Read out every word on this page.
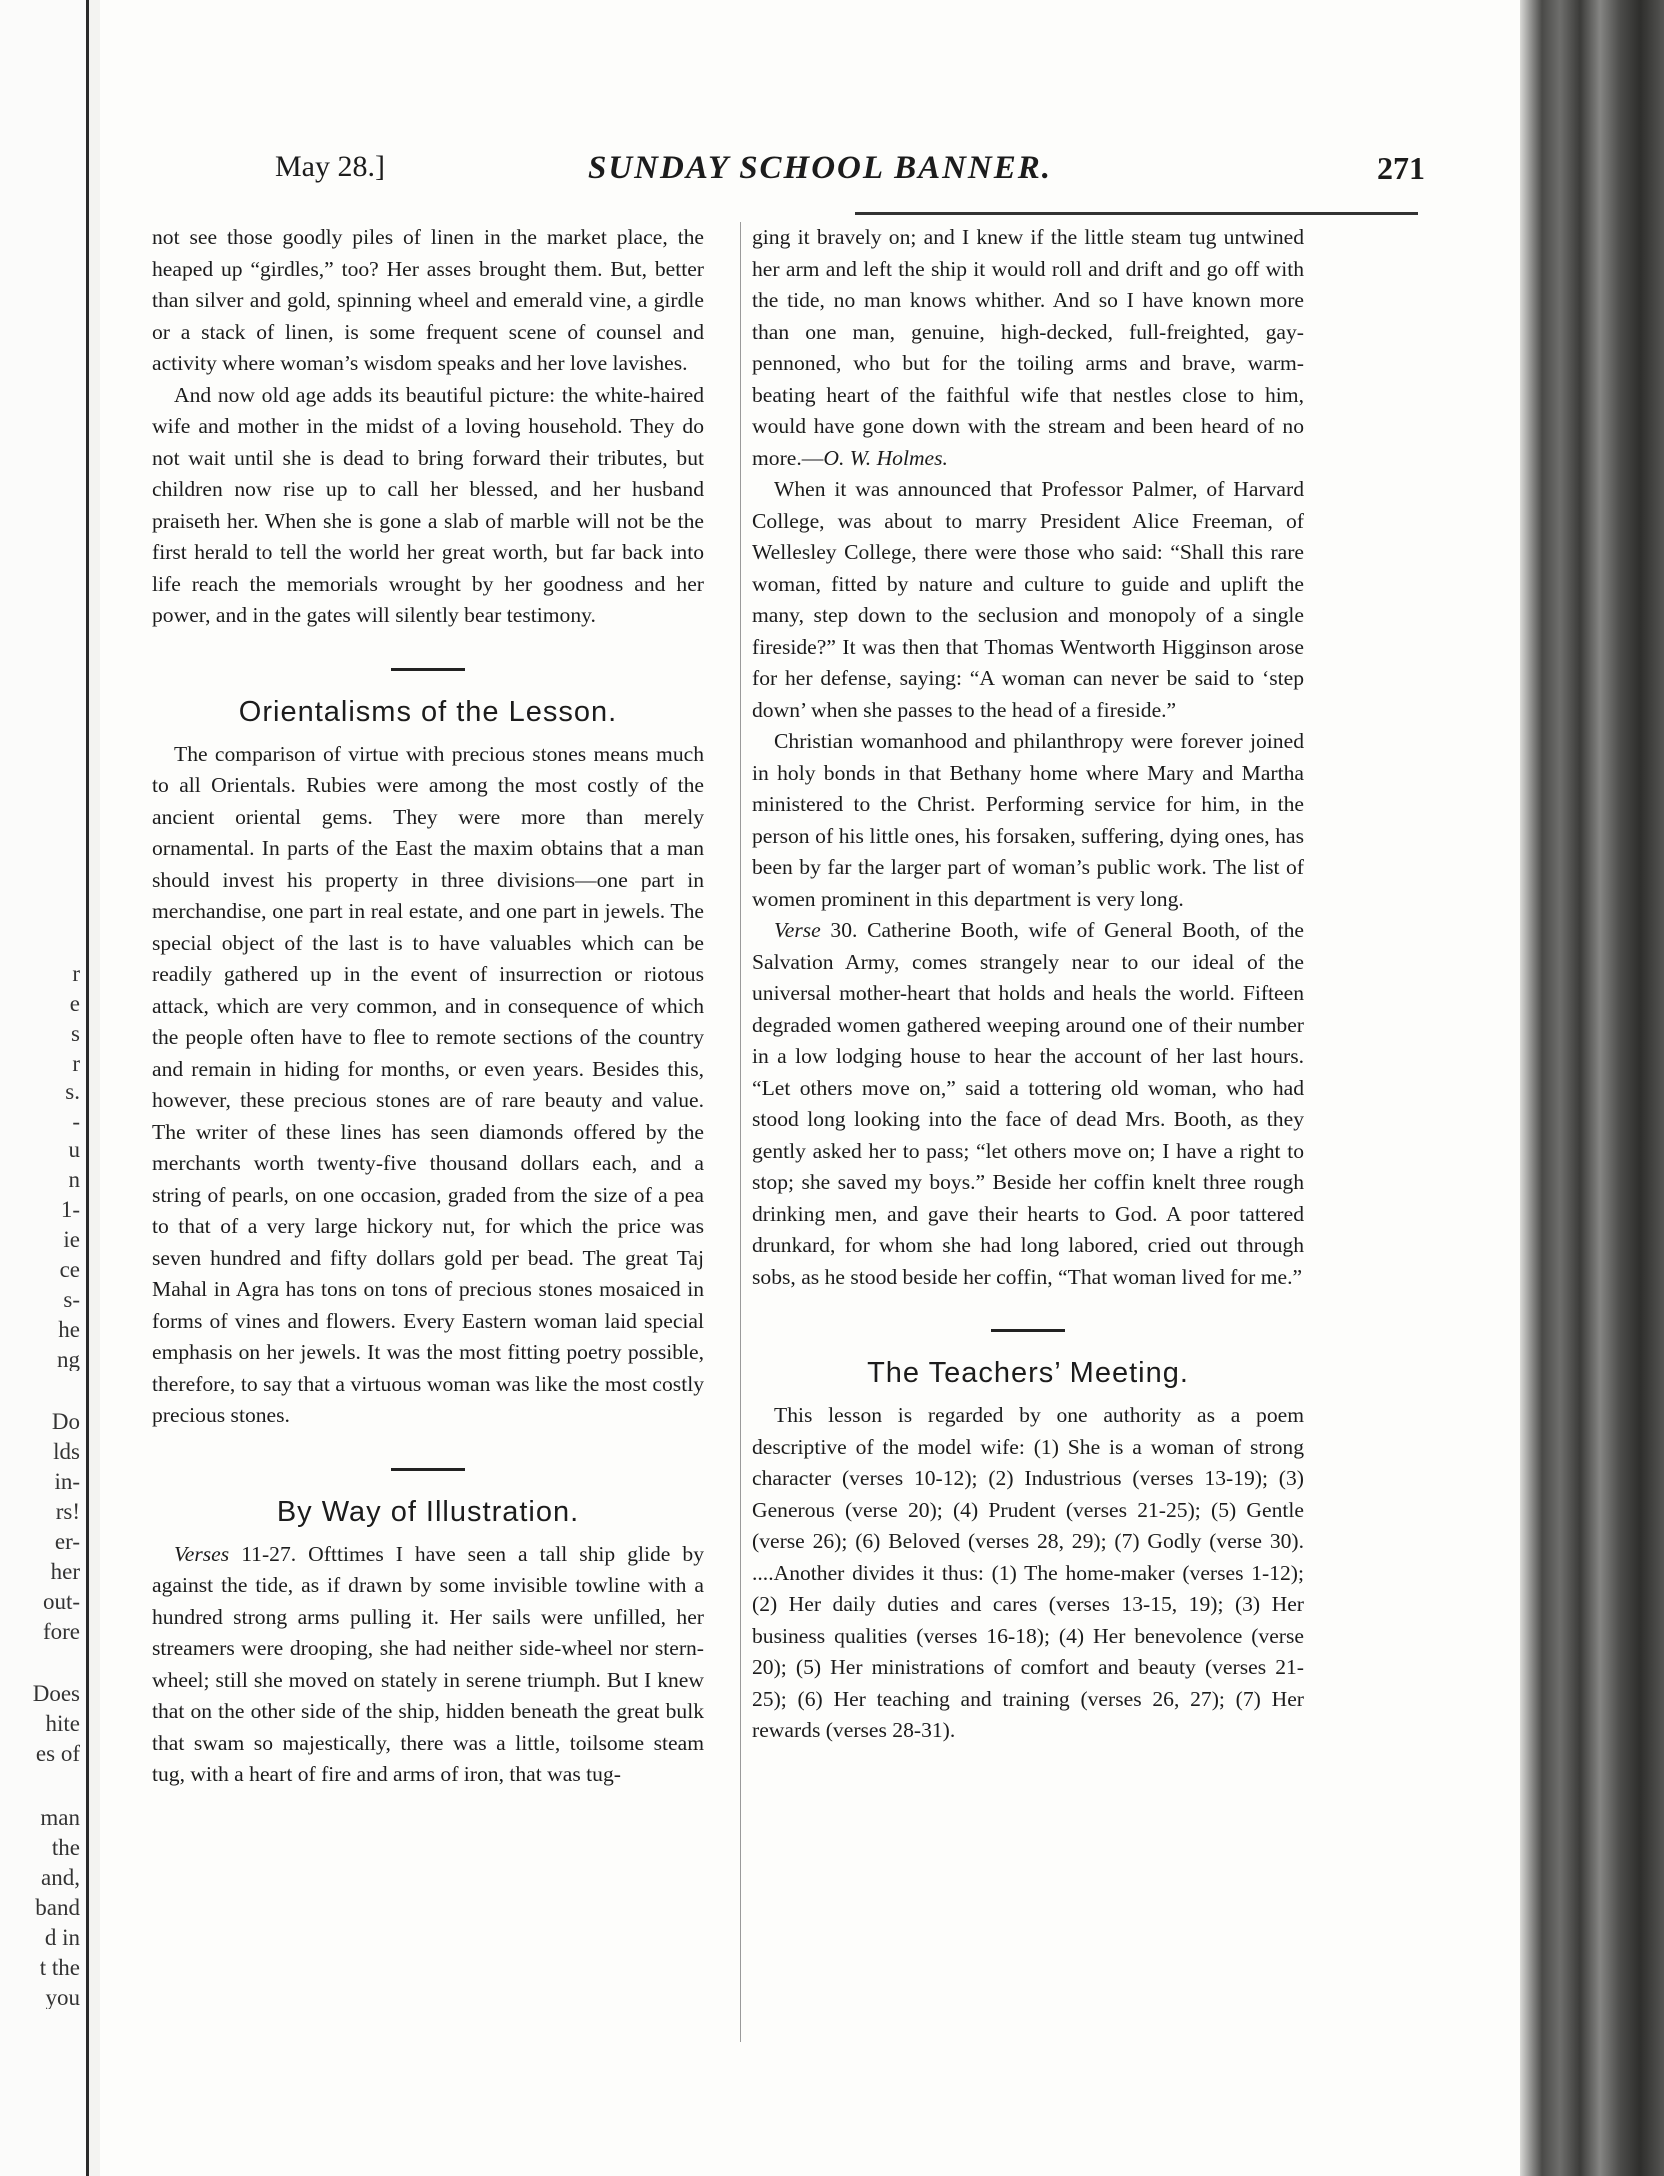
r
e
s
r
s.
-
u
n
1-
ie
ce
s-
he
ng
Do
lds
in-
rs!
er-
her
out-
fore
Does
hite
es of
man
the
and,
band
d in
t the
you
May 28.]	SUNDAY SCHOOL BANNER.	271

not see those goodly piles of linen in the market place, the heaped up “girdles,” too? Her asses brought them. But, better than silver and gold, spinning wheel and emerald vine, a girdle or a stack of linen, is some frequent scene of counsel and activity where woman’s wisdom speaks and her love lavishes.

And now old age adds its beautiful picture: the white-haired wife and mother in the midst of a loving household. They do not wait until she is dead to bring forward their tributes, but children now rise up to call her blessed, and her husband praiseth her. When she is gone a slab of marble will not be the first herald to tell the world her great worth, but far back into life reach the memorials wrought by her goodness and her power, and in the gates will silently bear testimony.

Orientalisms of the Lesson.

The comparison of virtue with precious stones means much to all Orientals. Rubies were among the most costly of the ancient oriental gems. They were more than merely ornamental. In parts of the East the maxim obtains that a man should invest his property in three divisions—one part in merchandise, one part in real estate, and one part in jewels. The special object of the last is to have valuables which can be readily gathered up in the event of insurrection or riotous attack, which are very common, and in consequence of which the people often have to flee to remote sections of the country and remain in hiding for months, or even years. Besides this, however, these precious stones are of rare beauty and value. The writer of these lines has seen diamonds offered by the merchants worth twenty-five thousand dollars each, and a string of pearls, on one occasion, graded from the size of a pea to that of a very large hickory nut, for which the price was seven hundred and fifty dollars gold per bead. The great Taj Mahal in Agra has tons on tons of precious stones mosaiced in forms of vines and flowers. Every Eastern woman laid special emphasis on her jewels. It was the most fitting poetry possible, therefore, to say that a virtuous woman was like the most costly precious stones.

By Way of Illustration.

Verses 11-27. Ofttimes I have seen a tall ship glide by against the tide, as if drawn by some invisible towline with a hundred strong arms pulling it. Her sails were unfilled, her streamers were drooping, she had neither side-wheel nor stern-wheel; still she moved on stately in serene triumph. But I knew that on the other side of the ship, hidden beneath the great bulk that swam so majestically, there was a little, toilsome steam tug, with a heart of fire and arms of iron, that was tug-

ging it bravely on; and I knew if the little steam tug untwined her arm and left the ship it would roll and drift and go off with the tide, no man knows whither. And so I have known more than one man, genuine, high-decked, full-freighted, gay-pennoned, who but for the toiling arms and brave, warm-beating heart of the faithful wife that nestles close to him, would have gone down with the stream and been heard of no more.—O. W. Holmes.

When it was announced that Professor Palmer, of Harvard College, was about to marry President Alice Freeman, of Wellesley College, there were those who said: “Shall this rare woman, fitted by nature and culture to guide and uplift the many, step down to the seclusion and monopoly of a single fireside?” It was then that Thomas Wentworth Higginson arose for her defense, saying: “A woman can never be said to ‘step down’ when she passes to the head of a fireside.”

Christian womanhood and philanthropy were forever joined in holy bonds in that Bethany home where Mary and Martha ministered to the Christ. Performing service for him, in the person of his little ones, his forsaken, suffering, dying ones, has been by far the larger part of woman’s public work. The list of women prominent in this department is very long.

Verse 30. Catherine Booth, wife of General Booth, of the Salvation Army, comes strangely near to our ideal of the universal mother-heart that holds and heals the world. Fifteen degraded women gathered weeping around one of their number in a low lodging house to hear the account of her last hours. “Let others move on,” said a tottering old woman, who had stood long looking into the face of dead Mrs. Booth, as they gently asked her to pass; “let others move on; I have a right to stop; she saved my boys.” Beside her coffin knelt three rough drinking men, and gave their hearts to God. A poor tattered drunkard, for whom she had long labored, cried out through sobs, as he stood beside her coffin, “That woman lived for me.”

The Teachers’ Meeting.

This lesson is regarded by one authority as a poem descriptive of the model wife: (1) She is a woman of strong character (verses 10-12); (2) Industrious (verses 13-19); (3) Generous (verse 20); (4) Prudent (verses 21-25); (5) Gentle (verse 26); (6) Beloved (verses 28, 29); (7) Godly (verse 30). ....Another divides it thus: (1) The home-maker (verses 1-12); (2) Her daily duties and cares (verses 13-15, 19); (3) Her business qualities (verses 16-18); (4) Her benevolence (verse 20); (5) Her ministrations of comfort and beauty (verses 21-25); (6) Her teaching and training (verses 26, 27); (7) Her rewards (verses 28-31).
